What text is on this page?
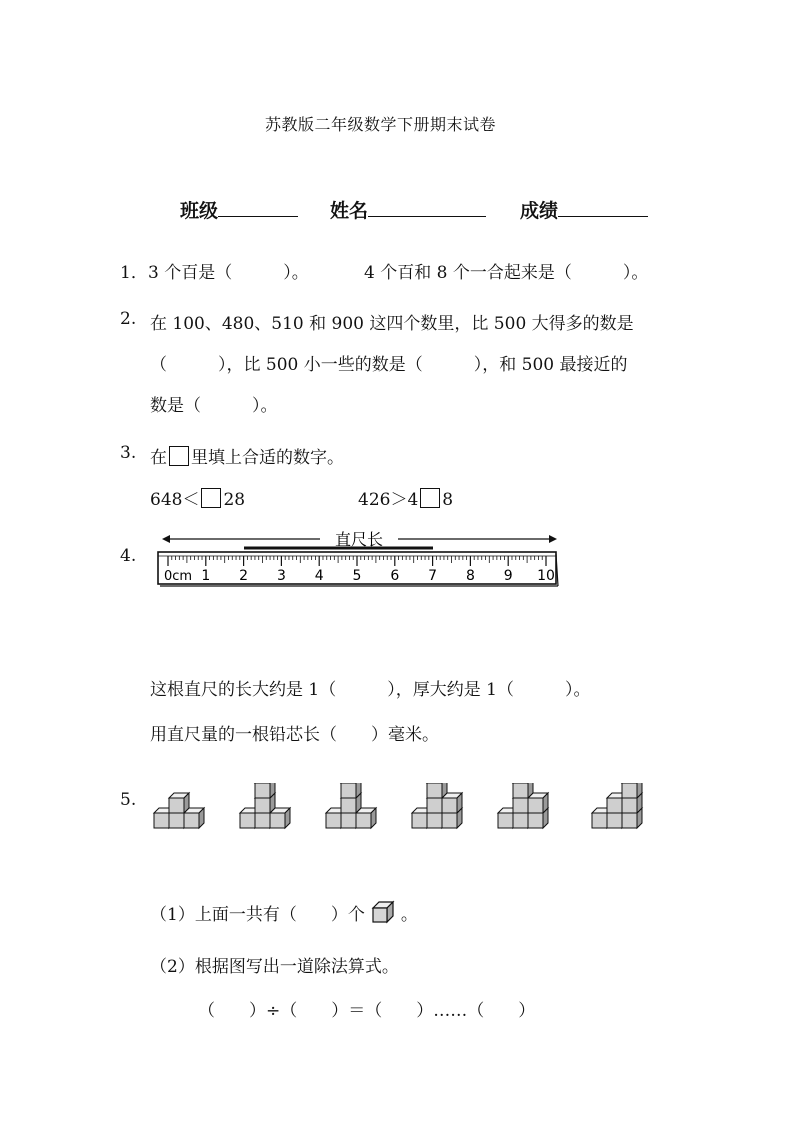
苏教版二年级数学下册期末试卷
班级	姓名	成绩
1． 3 个百是（　　　）。	4 个百和 8 个一合起来是（　　　）。
2. 在 100、480、510 和 900 这四个数里，比 500 大得多的数是
（　　　），比 500 小一些的数是（　　　），和 500 最接近的
数是（　　　）。
3. 在 里填上合适的数字。
648＜ 28	426＞4 8
4.
直尺长
0cm 1 2 3 4 5 6 7 8 9 10
这根直尺的长大约是 1（　　　），厚大约是 1（　　　）。
用直尺量的一根铅芯长（　　）毫米。
5.
（1）上面一共有（　　）个 。
（2）根据图写出一道除法算式。
（　　）÷（　　）＝（　　）……（　　）
